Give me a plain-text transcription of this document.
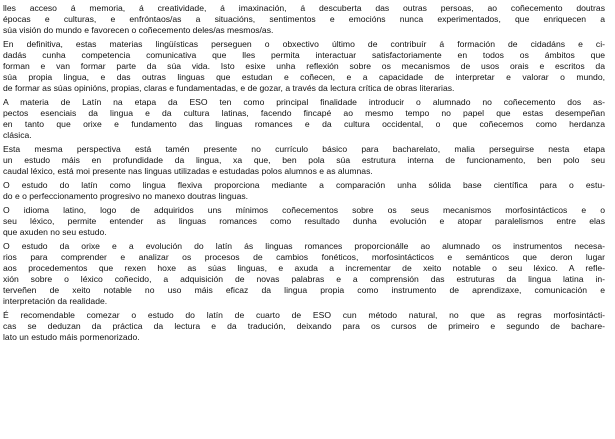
lles acceso á memoria, á creatividade, á imaxinación, á descuberta das outras persoas, ao coñecemento doutras
épocas e culturas, e enfróntaos/as a situacións, sentimentos e emocións nunca experimentados, que enriquecen a
súa visión do mundo e favorecen o coñecemento deles/as mesmos/as.

En definitiva, estas materias lingüísticas perseguen o obxectivo último de contribuír á formación de cidadáns e ci-
dadás cunha competencia comunicativa que lles permita interactuar satisfactoriamente en todos os ámbitos que
forman e van formar parte da súa vida. Isto esixe unha reflexión sobre os mecanismos de usos orais e escritos da
súa propia lingua, e das outras linguas que estudan e coñecen, e a capacidade de interpretar e valorar o mundo,
de formar as súas opinións, propias, claras e fundamentadas, e de gozar, a través da lectura crítica de obras literarias.

A materia de Latín na etapa da ESO ten como principal finalidade introducir o alumnado no coñecemento dos as-
pectos esenciais da lingua e da cultura latinas, facendo fincapé ao mesmo tempo no papel que estas desempeñan
en tanto que orixe e fundamento das linguas romances e da cultura occidental, o que coñecemos como herdanza
clásica.

Esta mesma perspectiva está tamén presente no currículo básico para bacharelato, malia perseguirse nesta etapa
un estudo máis en profundidade da lingua, xa que, ben pola súa estrutura interna de funcionamento, ben polo seu
caudal léxico, está moi presente nas linguas utilizadas e estudadas polos alumnos e as alumnas.

O estudo do latín como lingua flexiva proporciona mediante a comparación unha sólida base científica para o estu-
do e o perfeccionamento progresivo no manexo doutras linguas.

O idioma latino, logo de adquiridos uns mínimos coñecementos sobre os seus mecanismos morfosintácticos e o
seu léxico, permite entender as linguas romances como resultado dunha evolución e atopar paralelismos entre elas
que axuden no seu estudo.

O estudo da orixe e a evolución do latín ás linguas romances proporcionálle ao alumnado os instrumentos necesa-
rios para comprender e analizar os procesos de cambios fonéticos, morfosintácticos e semánticos que deron lugar
aos procedementos que rexen hoxe as súas linguas, e axuda a incrementar de xeito notable o seu léxico. A refle-
xión sobre o léxico coñecido, a adquisición de novas palabras e a comprensión das estruturas da lingua latina in-
terveñen de xeito notable no uso máis eficaz da lingua propia como instrumento de aprendizaxe, comunicación e
interpretación da realidade.

É recomendable comezar o estudo do latín de cuarto de ESO cun método natural, no que as regras morfosintácti-
cas se deduzan da práctica da lectura e da tradución, deixando para os cursos de primeiro e segundo de bachare-
lato un estudo máis pormenorizado.
